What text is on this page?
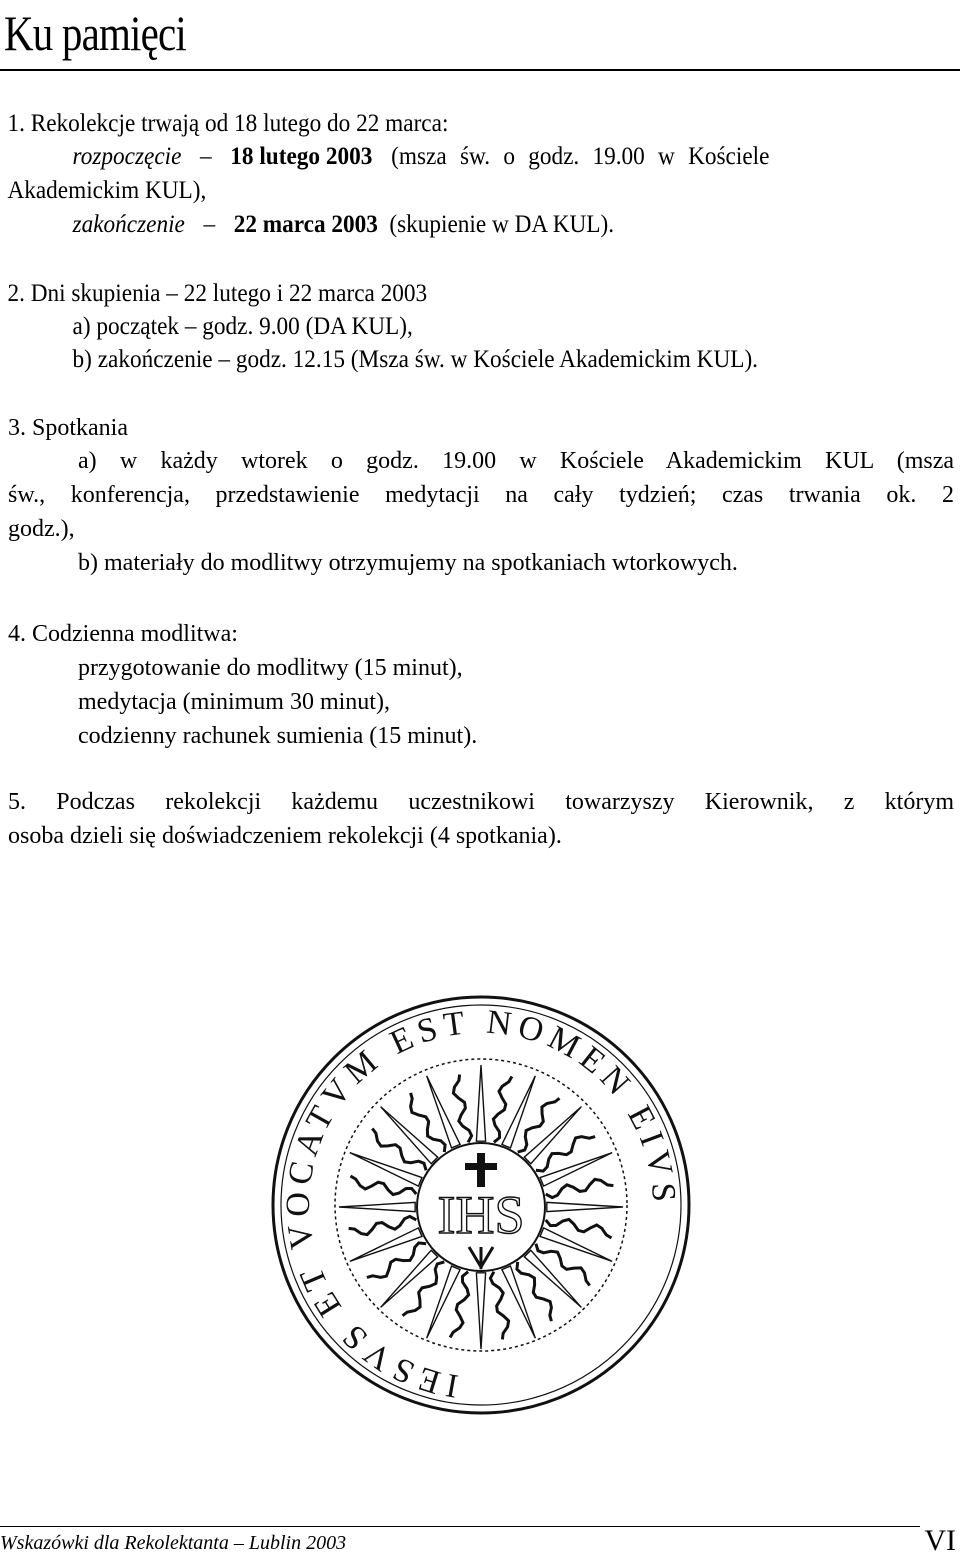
Ku pamięci
1. Rekolekcje trwają od 18 lutego do 22 marca:
rozpoczęcie – 18 lutego 2003 (msza św. o godz. 19.00 w Kościele
Akademickim KUL),
zakończenie – 22 marca 2003 (skupienie w DA KUL).
2. Dni skupienia – 22 lutego i 22 marca 2003
a) początek – godz. 9.00 (DA KUL),
b) zakończenie – godz. 12.15 (Msza św. w Kościele Akademickim KUL).
3. Spotkania
a) w każdy wtorek o godz. 19.00 w Kościele Akademickim KUL (msza
św., konferencja, przedstawienie medytacji na cały tydzień; czas trwania ok. 2
godz.),
b) materiały do modlitwy otrzymujemy na spotkaniach wtorkowych.
4. Codzienna modlitwa:
przygotowanie do modlitwy (15 minut),
medytacja (minimum 30 minut),
codzienny rachunek sumienia (15 minut).
5. Podczas rekolekcji każdemu uczestnikowi towarzyszy Kierownik, z którym
osoba dzieli się doświadczeniem rekolekcji (4 spotkania).
IESVS ET VOCATVM EST NOMEN EIVS
IHS
Wskazówki dla Rekolektanta – Lublin 2003	VI
